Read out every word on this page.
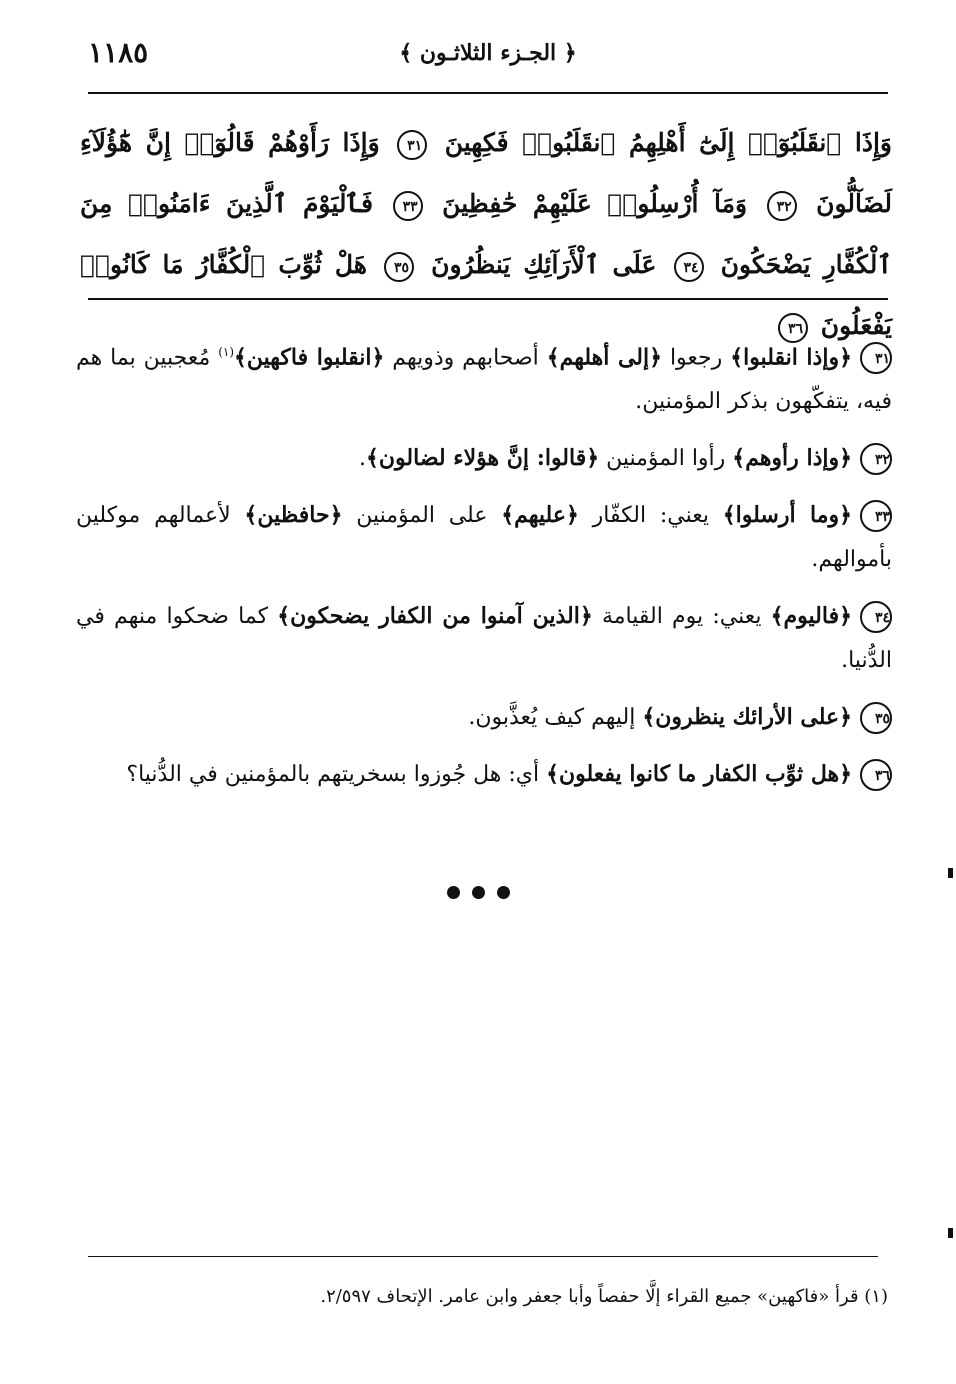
١١٨٥	﴿ الجـزء الثلاثـون ﴾
وَإِذَا ٱنقَلَبُوٓا۟ إِلَىٰٓ أَهْلِهِمُ ٱنقَلَبُوا۟ فَكِهِينَ ٣١ وَإِذَا رَأَوْهُمْ قَالُوٓا۟ إِنَّ هَٰٓؤُلَآءِ لَضَآلُّونَ ٣٢ وَمَآ أُرْسِلُوا۟ عَلَيْهِمْ حَٰفِظِينَ ٣٣ فَٱلْيَوْمَ ٱلَّذِينَ ءَامَنُوا۟ مِنَ ٱلْكُفَّارِ يَضْحَكُونَ ٣٤ عَلَى ٱلْأَرَآئِكِ يَنظُرُونَ ٣٥ هَلْ ثُوِّبَ ٱلْكُفَّارُ مَا كَانُوا۟ يَفْعَلُونَ ٣٦
٣١﴿وإذا انقلبوا﴾ رجعوا ﴿إلى أهلهم﴾ أصحابهم وذويهم ﴿انقلبوا فاكهين﴾$^{(١)}$ مُعجبين بما هم فيه، يتفكّهون بذكر المؤمنين.
٣٢﴿وإذا رأوهم﴾ رأوا المؤمنين ﴿قالوا: إنَّ هؤلاء لضالون﴾.
٣٣﴿وما أرسلوا﴾ يعني: الكفّار ﴿عليهم﴾ على المؤمنين ﴿حافظين﴾ لأعمالهم موكلين بأموالهم.
٣٤﴿فاليوم﴾ يعني: يوم القيامة ﴿الذين آمنوا من الكفار يضحكون﴾ كما ضحكوا منهم في الدُّنيا.
٣٥﴿على الأرائك ينظرون﴾ إليهم كيف يُعذَّبون.
٣٦﴿هل ثوِّب الكفار ما كانوا يفعلون﴾ أي: هل جُوزوا بسخريتهم بالمؤمنين في الدُّنيا؟
(١) قرأ «فاكهين» جميع القراء إلَّا حفصاً وأبا جعفر وابن عامر. الإتحاف ٢/٥٩٧.
